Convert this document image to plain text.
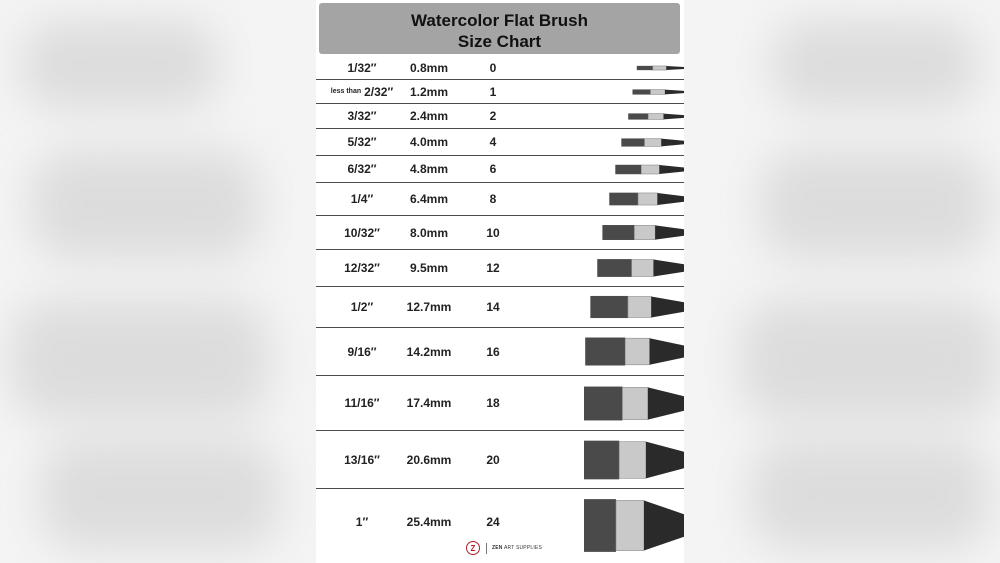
Watercolor Flat Brush
Size Chart
1/32″	0.8mm	0
less than 2/32″	1.2mm	1
3/32″	2.4mm	2
5/32″	4.0mm	4
6/32″	4.8mm	6
1/4″	6.4mm	8
10/32″	8.0mm	10
12/32″	9.5mm	12
1/2″	12.7mm	14
9/16″	14.2mm	16
11/16″	17.4mm	18
13/16″	20.6mm	20
1″	25.4mm	24
Z	ZEN ART SUPPLIES
